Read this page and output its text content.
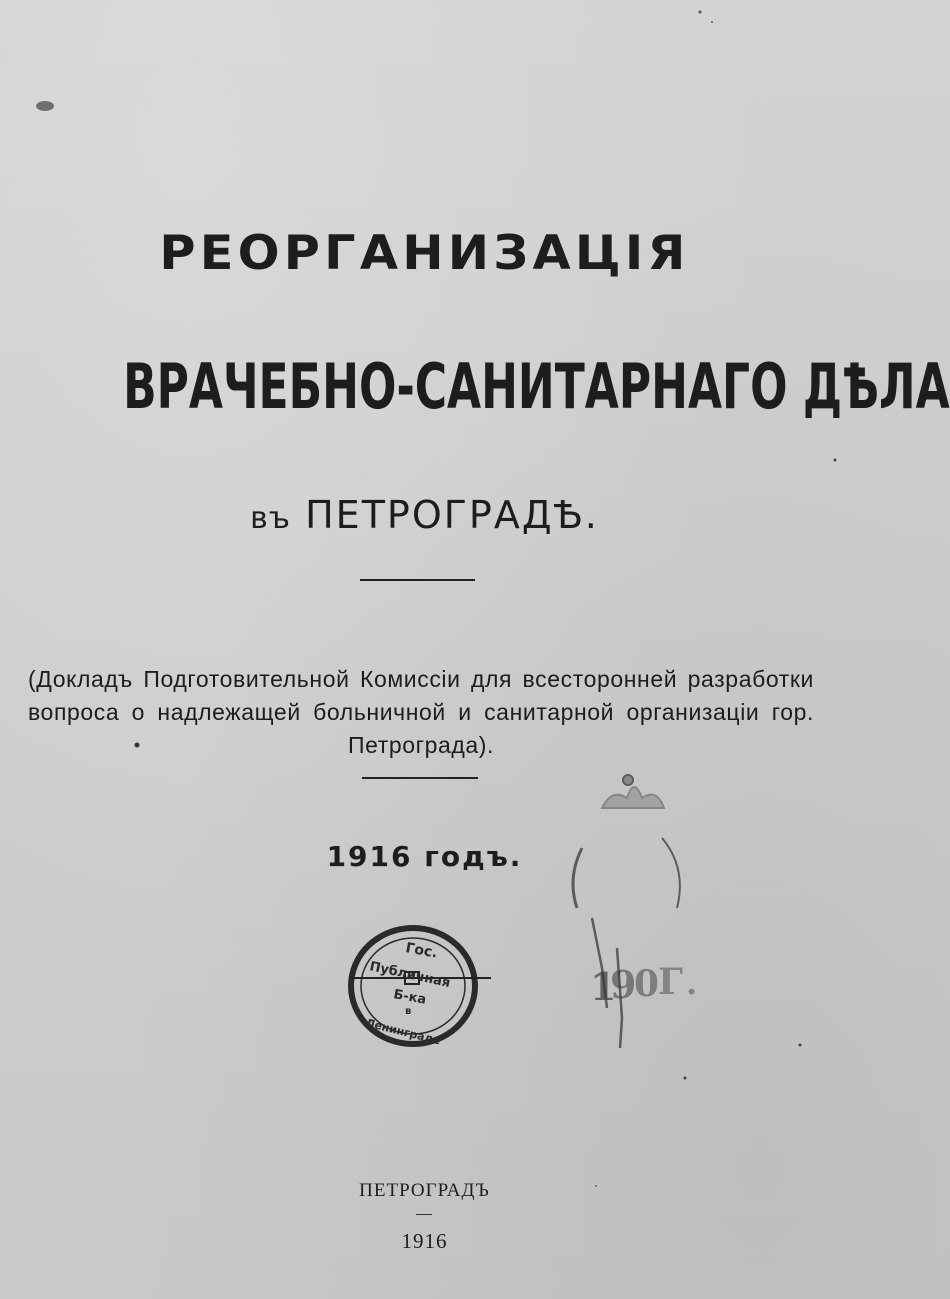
РЕОРГАНИЗАЦІЯ

ВРАЧЕБНО-САНИТАРНАГО ДѢЛА

въ ПЕТРОГРАДѢ.

(Докладъ Подготовительной Комиссіи для всесторонней разработки вопроса о надлежащей больничной и санитарной организаціи гор. Петрограда).

1916 годъ.

1
9
0
Г .
Гос.
Публичная
Б-ка
в
Ленинграде

ПЕТРОГРАДЪ

1916
